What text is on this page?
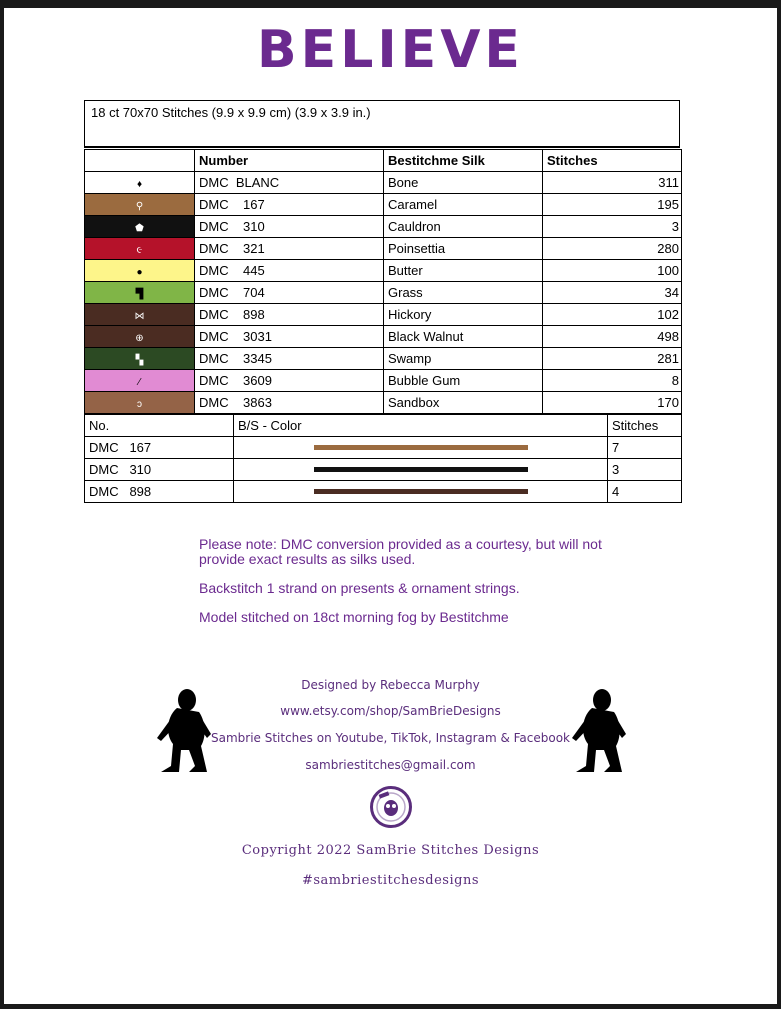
BELIEVE
18 ct 70x70 Stitches (9.9 x 9.9 cm) (3.9 x 3.9 in.)
	Number	Bestitchme Silk	Stitches
♦	DMC  BLANC	Bone	311
⚲	DMC    167	Caramel	195
⬟	DMC    310	Cauldron	3
૯	DMC    321	Poinsettia	280
●	DMC    445	Butter	100
▜	DMC    704	Grass	34
⋈	DMC    898	Hickory	102
⊕	DMC    3031	Black Walnut	498
▚	DMC    3345	Swamp	281
⁄	DMC    3609	Bubble Gum	8
ↄ	DMC    3863	Sandbox	170
No.	B/S - Color	Stitches
DMC   167		7
DMC   310		3
DMC   898		4

Please note: DMC conversion provided as a courtesy, but will not provide exact results as silks used.

Backstitch 1 strand on presents & ornament strings.

Model stitched on 18ct morning fog by Bestitchme

Designed by Rebecca Murphy
www.etsy.com/shop/SamBrieDesigns
Sambrie Stitches on Youtube, TikTok, Instagram & Facebook
sambriestitches@gmail.com
Copyright 2022 SamBrie Stitches Designs
#sambriestitchesdesigns
